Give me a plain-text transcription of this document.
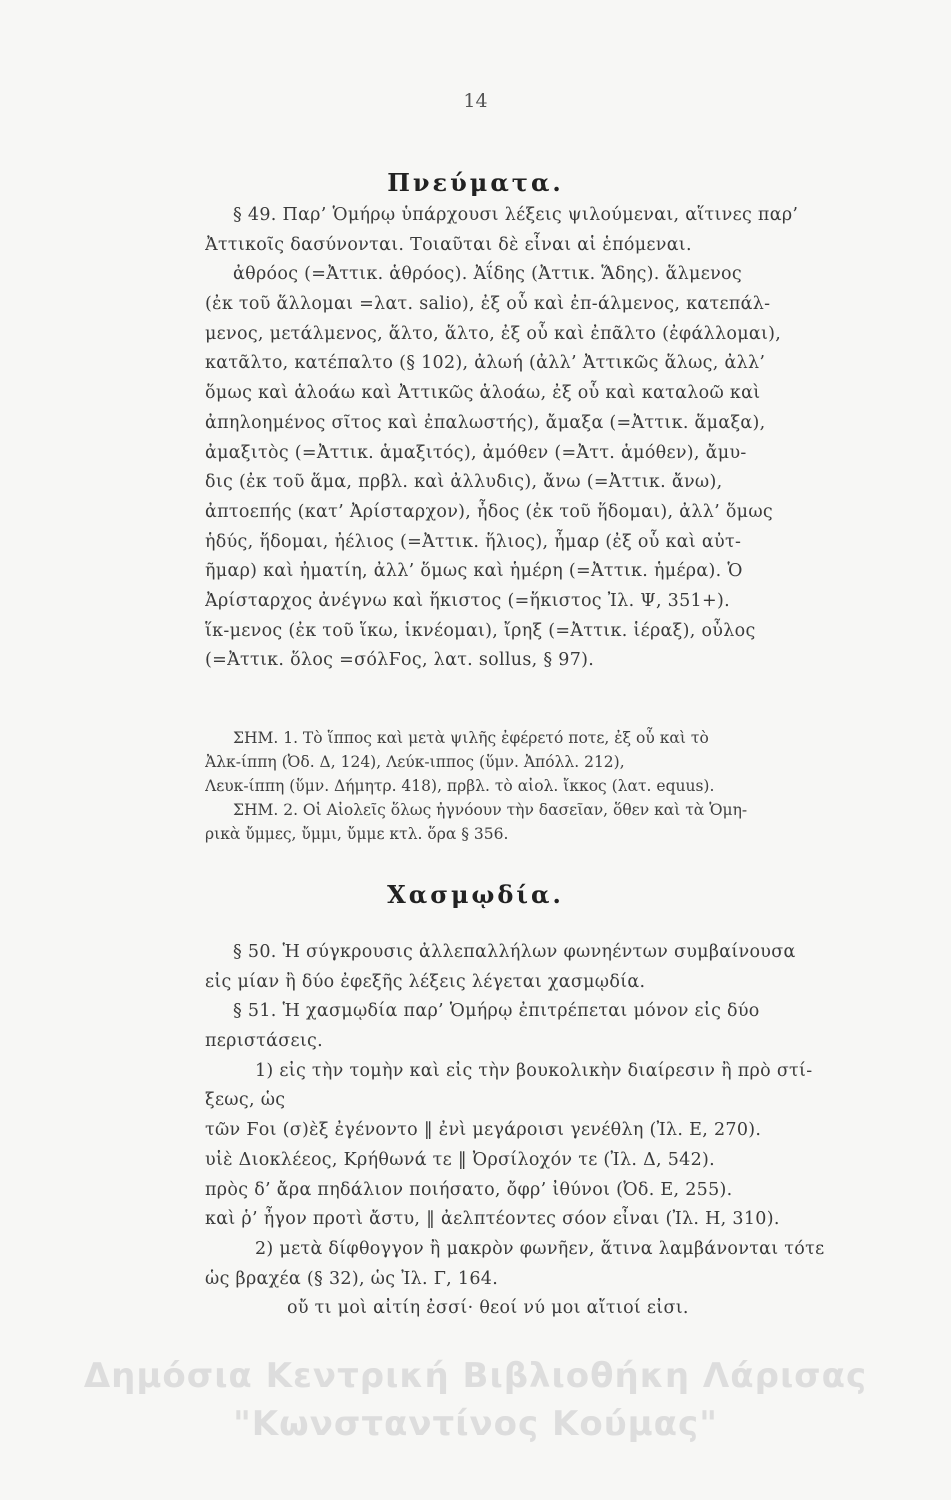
14
Πνεύματα.
§ 49. Παρ’ Ὁμήρῳ ὑπάρχουσι λέξεις ψιλούμεναι, αἵτινες παρ’
Ἀττικοῖς δασύνονται. Τοιαῦται δὲ εἶναι αἱ ἑπόμεναι.
ἀθρόος (=Ἀττικ. ἁθρόος). Ἀΐδης (Ἀττικ. Ἅδης). ἅλμενος
(ἐκ τοῦ ἅλλομαι =λατ. salio), ἐξ οὗ καὶ ἐπ-άλμενος, κατεπάλ-
μενος, μετάλμενος, ἅλτο, ἅλτο, ἐξ οὗ καὶ ἐπᾶλτο (ἐφάλλομαι),
κατᾶλτο, κατέπαλτο (§ 102), ἀλωή (ἀλλ’ Ἀττικῶς ἅλως, ἀλλ’
ὅμως καὶ ἁλοάω καὶ Ἀττικῶς ἁλοάω, ἐξ οὗ καὶ καταλοῶ καὶ
ἀπηλοημένος σῖτος καὶ ἐπαλωστής), ἄμαξα (=Ἀττικ. ἅμαξα),
ἀμαξιτὸς (=Ἀττικ. ἁμαξιτός), ἀμόθεν (=Ἀττ. ἁμόθεν), ἄμυ-
δις (ἐκ τοῦ ἅμα, πρβλ. καὶ ἀλλυδις), ἄνω (=Ἀττικ. ἄνω),
ἀπτοεπής (κατ’ Ἀρίσταρχον), ἦδος (ἐκ τοῦ ἥδομαι), ἀλλ’ ὅμως
ἡδύς, ἥδομαι, ἠέλιος (=Ἀττικ. ἥλιος), ἦμαρ (ἐξ οὗ καὶ αὐτ-
ῆμαρ) καὶ ἠματίη, ἀλλ’ ὅμως καὶ ἡμέρη (=Ἀττικ. ἡμέρα). Ὁ
Ἀρίσταρχος ἀνέγνω καὶ ἥκιστος (=ἥκιστος Ἰλ. Ψ, 351+).
ἵκ-μενος (ἐκ τοῦ ἵκω, ἱκνέομαι), ἴρηξ (=Ἀττικ. ἱέραξ), οὖλος
(=Ἀττικ. ὅλος =σόλϜος, λατ. sollus, § 97).
ΣΗΜ. 1. Τὸ ἵππος καὶ μετὰ ψιλῆς ἐφέρετό ποτε, ἐξ οὗ καὶ τὸ
Ἀλκ-ίππη (Ὀδ. Δ, 124), Λεύκ-ιππος (ὕμν. Ἀπόλλ. 212),
Λευκ-ίππη (ὕμν. Δήμητρ. 418), πρβλ. τὸ αἰολ. ἴκκος (λατ. equus).
ΣΗΜ. 2. Οἱ Αἰολεῖς ὅλως ἠγνόουν τὴν δασεῖαν, ὅθεν καὶ τὰ Ὁμη-
ρικὰ ὔμμες, ὔμμι, ὔμμε κτλ. ὅρα § 356.
Χασμῳδία.
§ 50. Ἡ σύγκρουσις ἀλλεπαλλήλων φωνηέντων συμβαίνουσα
εἰς μίαν ἢ δύο ἐφεξῆς λέξεις λέγεται χασμῳδία.
§ 51. Ἡ χασμῳδία παρ’ Ὁμήρῳ ἐπιτρέπεται μόνον εἰς δύο
περιστάσεις.
1) εἰς τὴν τομὴν καὶ εἰς τὴν βουκολικὴν διαίρεσιν ἢ πρὸ στί-
ξεως, ὡς
τῶν Ϝοι (σ)ὲξ ἐγένοντο ‖ ἐνὶ μεγάροισι γενέθλη (Ἰλ. Ε, 270).
υἱὲ Διοκλέεος, Κρήθωνά τε ‖ Ὀρσίλοχόν τε (Ἰλ. Δ, 542).
πρὸς δ’ ἄρα πηδάλιον ποιήσατο, ὄφρ’ ἰθύνοι (Ὀδ. Ε, 255).
καὶ ῥ’ ἦγον προτὶ ἄστυ, ‖ ἀελπτέοντες σόον εἶναι (Ἰλ. Η, 310).
2) μετὰ δίφθογγον ἢ μακρὸν φωνῆεν, ἅτινα λαμβάνονται τότε
ὡς βραχέα (§ 32), ὡς Ἰλ. Γ, 164.
οὔ τι μοὶ αἰτίη ἐσσί· θεοί νύ μοι αἴτιοί εἰσι.
Δημόσια Κεντρική Βιβλιοθήκη Λάρισας
"Κωνσταντίνος Κούμας"
